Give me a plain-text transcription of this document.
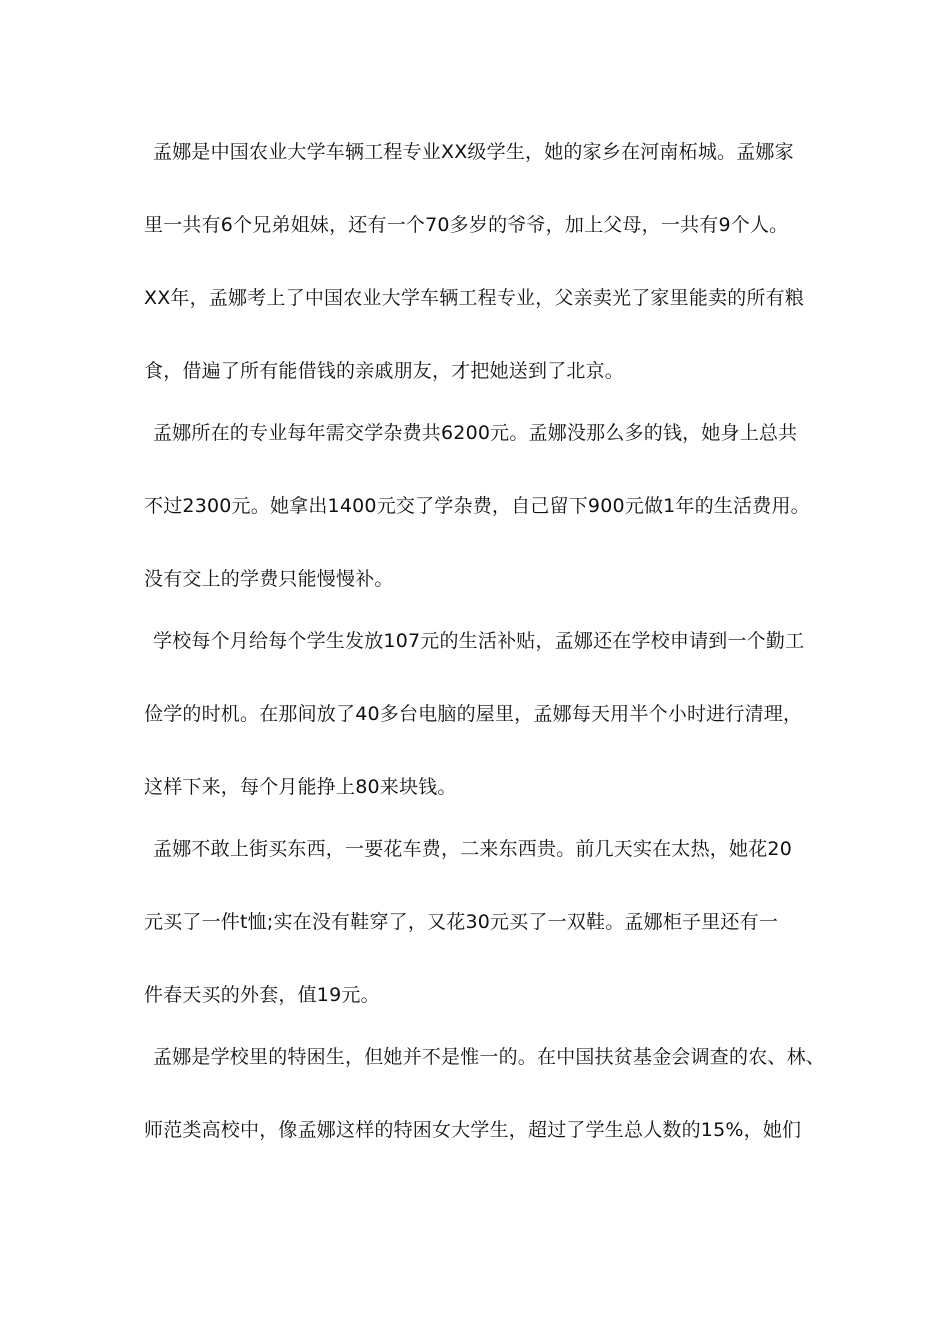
孟娜是中国农业大学车辆工程专业XX级学生，她的家乡在河南柘城。孟娜家
里一共有6个兄弟姐妹，还有一个70多岁的爷爷，加上父母，一共有9个人。
XX年，孟娜考上了中国农业大学车辆工程专业，父亲卖光了家里能卖的所有粮
食，借遍了所有能借钱的亲戚朋友，才把她送到了北京。
孟娜所在的专业每年需交学杂费共6200元。孟娜没那么多的钱，她身上总共
不过2300元。她拿出1400元交了学杂费，自己留下900元做1年的生活费用。
没有交上的学费只能慢慢补。
学校每个月给每个学生发放107元的生活补贴，孟娜还在学校申请到一个勤工
俭学的时机。在那间放了40多台电脑的屋里，孟娜每天用半个小时进行清理，
这样下来，每个月能挣上80来块钱。
孟娜不敢上街买东西，一要花车费，二来东西贵。前几天实在太热，她花20
元买了一件t恤;实在没有鞋穿了，又花30元买了一双鞋。孟娜柜子里还有一
件春天买的外套，值19元。
孟娜是学校里的特困生，但她并不是惟一的。在中国扶贫基金会调查的农、林、
师范类高校中，像孟娜这样的特困女大学生，超过了学生总人数的15%，她们
